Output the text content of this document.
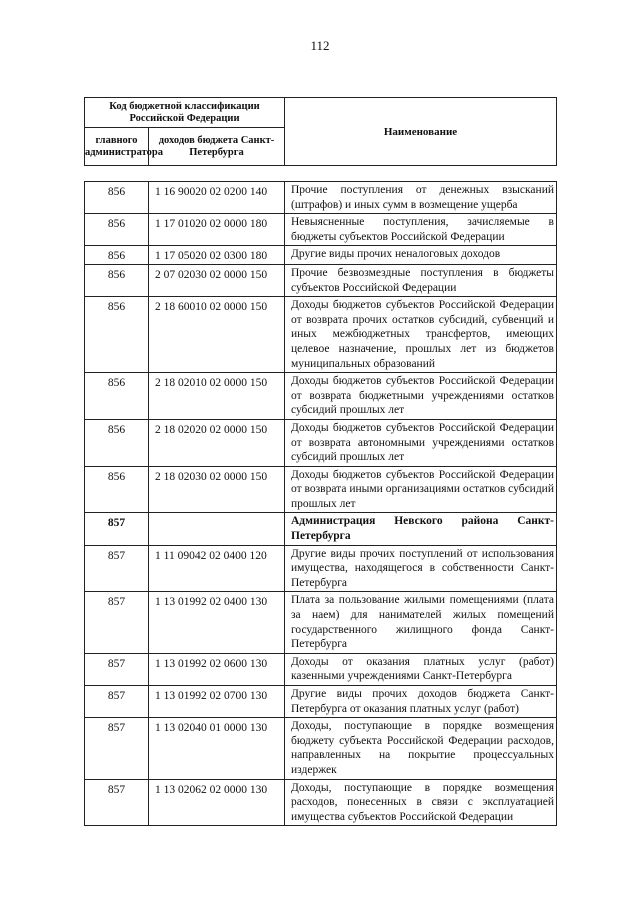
112
Код бюджетной классификации Российской Федерации		Наименование
главного администратора	доходов бюджета Санкт-Петербурга	
856	1 16 90020 02 0200 140	Прочие поступления от денежных взысканий (штрафов) и иных сумм в возмещение ущерба
856	1 17 01020 02 0000 180	Невыясненные поступления, зачисляемые в бюджеты субъектов Российской Федерации
856	1 17 05020 02 0300 180	Другие виды прочих неналоговых доходов
856	2 07 02030 02 0000 150	Прочие безвозмездные поступления в бюджеты субъектов Российской Федерации
856	2 18 60010 02 0000 150	Доходы бюджетов субъектов Российской Федерации от возврата прочих остатков субсидий, субвенций и иных межбюджетных трансфертов, имеющих целевое назначение, прошлых лет из бюджетов муниципальных образований
856	2 18 02010 02 0000 150	Доходы бюджетов субъектов Российской Федерации от возврата бюджетными учреждениями остатков субсидий прошлых лет
856	2 18 02020 02 0000 150	Доходы бюджетов субъектов Российской Федерации от возврата автономными учреждениями остатков субсидий прошлых лет
856	2 18 02030 02 0000 150	Доходы бюджетов субъектов Российской Федерации от возврата иными организациями остатков субсидий прошлых лет
857		Администрация Невского района Санкт-Петербурга
857	1 11 09042 02 0400 120	Другие виды прочих поступлений от использования имущества, находящегося в собственности Санкт-Петербурга
857	1 13 01992 02 0400 130	Плата за пользование жилыми помещениями (плата за наем) для нанимателей жилых помещений государственного жилищного фонда Санкт-Петербурга
857	1 13 01992 02 0600 130	Доходы от оказания платных услуг (работ) казенными учреждениями Санкт-Петербурга
857	1 13 01992 02 0700 130	Другие виды прочих доходов бюджета Санкт-Петербурга от оказания платных услуг (работ)
857	1 13 02040 01 0000 130	Доходы, поступающие в порядке возмещения бюджету субъекта Российской Федерации расходов, направленных на покрытие процессуальных издержек
857	1 13 02062 02 0000 130	Доходы, поступающие в порядке возмещения расходов, понесенных в связи с эксплуатацией имущества субъектов Российской Федерации
